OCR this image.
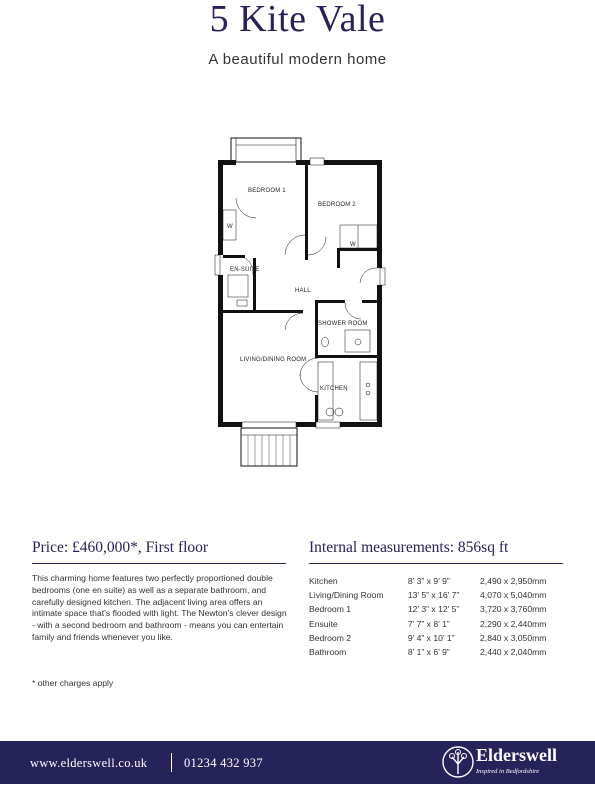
5 Kite Vale
A beautiful modern home
BEDROOM 1
BEDROOM 2
EN-SUITE
HALL
SHOWER ROOM
LIVING/DINING ROOM
KITCHEN
W
W
Price: £460,000*, First floor
This charming home features two perfectly proportioned double bedrooms (one en suite) as well as a separate bathroom, and carefully designed kitchen. The adjacent living area offers an intimate space that’s flooded with light. The Newton’s clever design - with a second bedroom and bathroom - means you can entertain family and friends whenever you like.
* other charges apply
Internal measurements: 856sq ft
Kitchen	8’ 3” x 9’ 9”	2,490 x 2,950mm
Living/Dining Room	13’ 5” x 16’ 7”	4,070 x 5,040mm
Bedroom 1	12’ 3” x 12’ 5”	3,720 x 3,760mm
Ensuite	7’ 7” x 8’ 1”	2,290 x 2,440mm
Bedroom 2	9’ 4” x 10’ 1”	2,840 x 3,050mm
Bathroom	8’ 1” x 6’ 9”	2,440 x 2,040mm
www.elderswell.co.uk	01234 432 937	Elderswell
Inspired in Bedfordshire
